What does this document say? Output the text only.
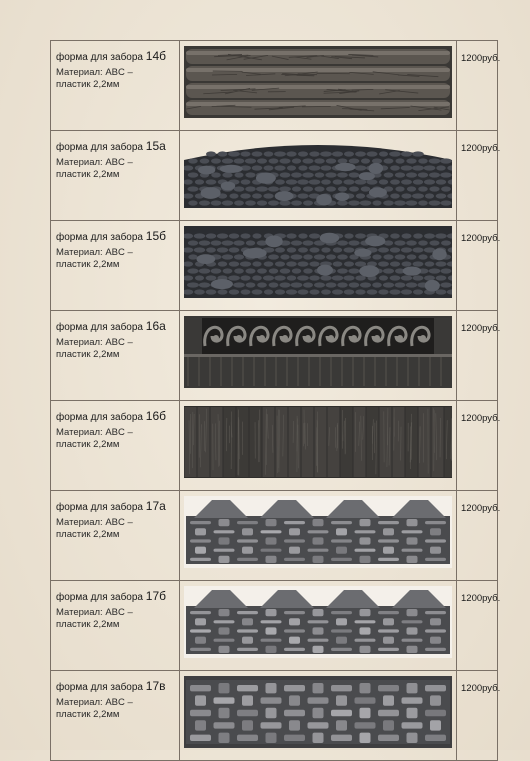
форма для забора 14б
Материал: ABC –
пластик 2,2мм		1200руб.

форма для забора 15а
Материал: ABC –
пластик 2,2мм		1200руб.

форма для забора 15б
Материал: ABC –
пластик 2,2мм		1200руб.

форма для забора 16а
Материал: ABC –
пластик 2,2мм		1200руб.

форма для забора 16б
Материал: ABC –
пластик 2,2мм		1200руб.

форма для забора 17а
Материал: ABC –
пластик 2,2мм		1200руб.

форма для забора 17б
Материал: ABC –
пластик 2,2мм		1200руб.

форма для забора 17в
Материал: ABC –
пластик 2,2мм		1200руб.
